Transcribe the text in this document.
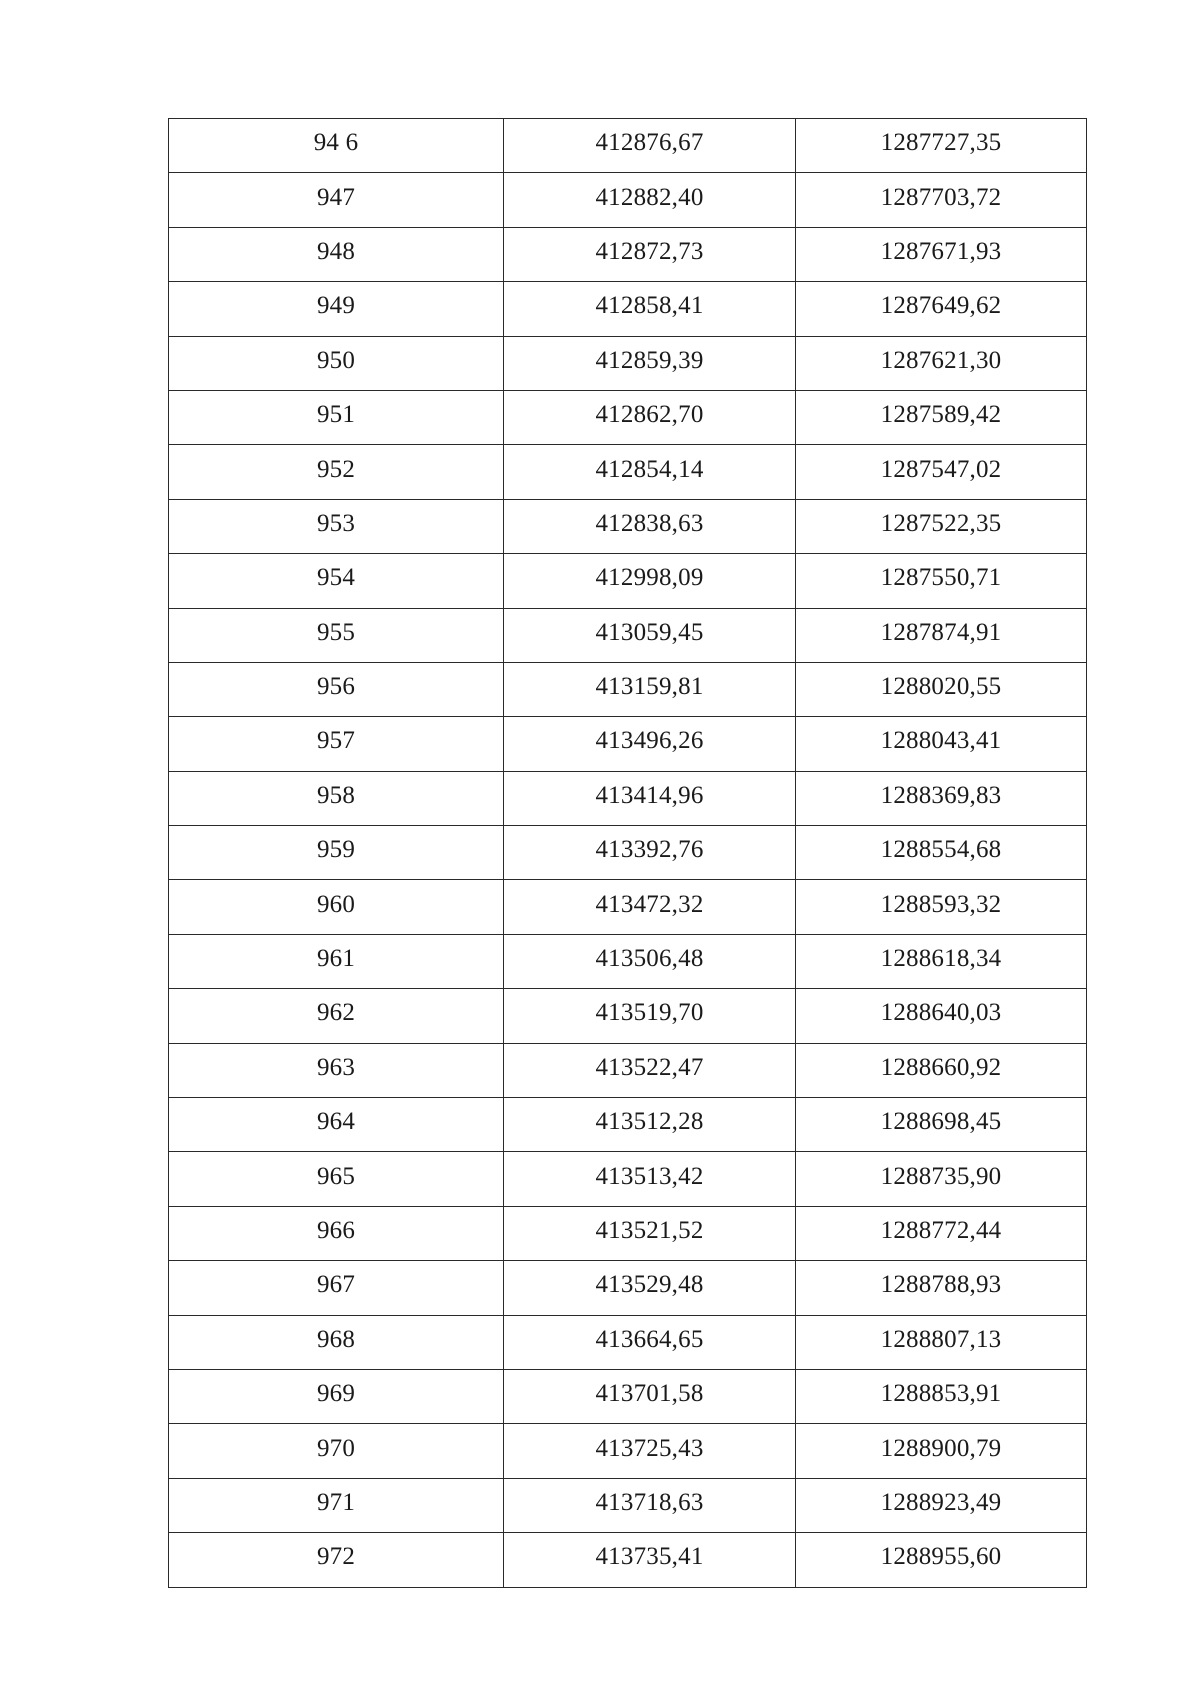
94 6	412876,67	1287727,35
947	412882,40	1287703,72
948	412872,73	1287671,93
949	412858,41	1287649,62
950	412859,39	1287621,30
951	412862,70	1287589,42
952	412854,14	1287547,02
953	412838,63	1287522,35
954	412998,09	1287550,71
955	413059,45	1287874,91
956	413159,81	1288020,55
957	413496,26	1288043,41
958	413414,96	1288369,83
959	413392,76	1288554,68
960	413472,32	1288593,32
961	413506,48	1288618,34
962	413519,70	1288640,03
963	413522,47	1288660,92
964	413512,28	1288698,45
965	413513,42	1288735,90
966	413521,52	1288772,44
967	413529,48	1288788,93
968	413664,65	1288807,13
969	413701,58	1288853,91
970	413725,43	1288900,79
971	413718,63	1288923,49
972	413735,41	1288955,60
